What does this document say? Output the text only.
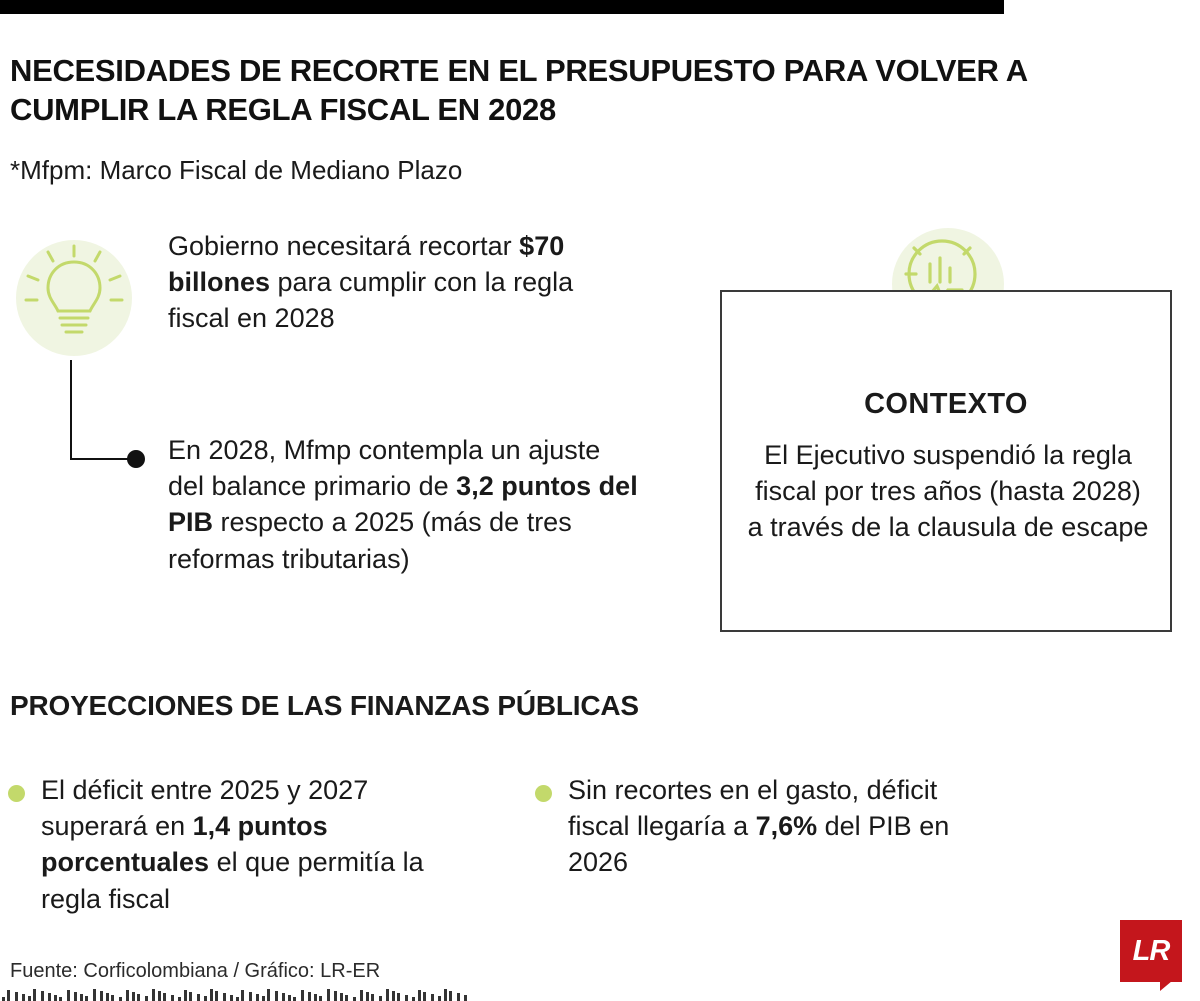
NECESIDADES DE RECORTE EN EL PRESUPUESTO PARA VOLVER A CUMPLIR LA REGLA FISCAL EN 2028
*Mfpm: Marco Fiscal de Mediano Plazo
Gobierno necesitará recortar $70 billones para cumplir con la regla fiscal en 2028
En 2028, Mfmp contempla un ajuste del balance primario de 3,2 puntos del PIB respecto a 2025 (más de tres reformas tributarias)
CONTEXTO
El Ejecutivo suspendió la regla fiscal por tres años (hasta 2028) a través de la clausula de escape
PROYECCIONES DE LAS FINANZAS PÚBLICAS
El déficit entre 2025 y 2027 superará en 1,4 puntos porcentuales el que permitía la regla fiscal
Sin recortes en el gasto, déficit fiscal llegaría a 7,6% del PIB en 2026
Fuente: Corficolombiana / Gráfico: LR-ER
LR
